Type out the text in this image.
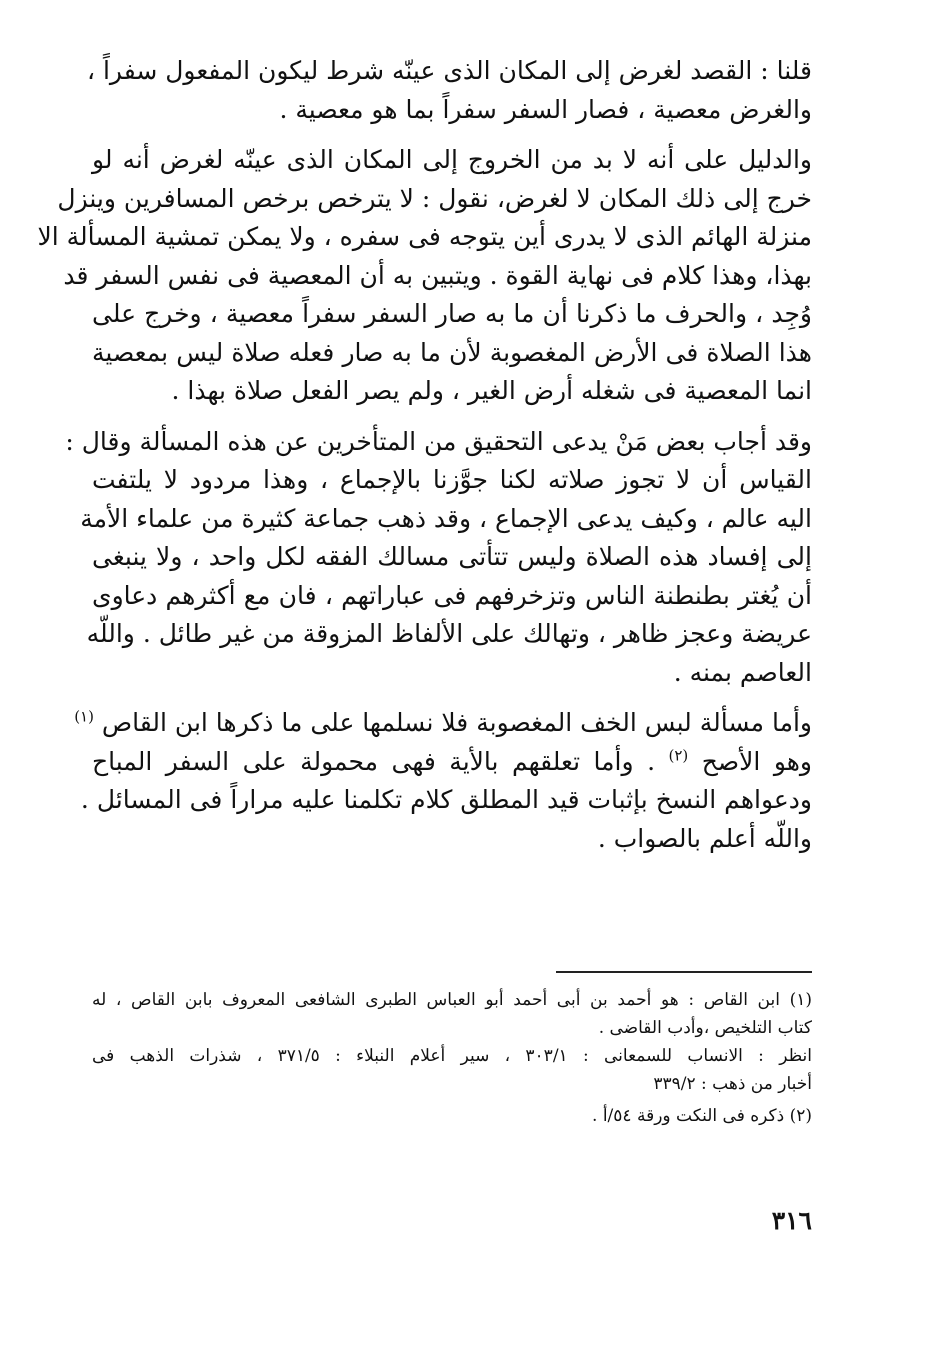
قلنا : القصد لغرض إلى المكان الذى عينّه شرط ليكون المفعول سفراً ،
والغرض معصية ، فصار السفر سفراً بما هو معصية .

والدليل على أنه لا بد من الخروج إلى المكان الذى عينّه لغرض أنه لو
خرج إلى ذلك المكان لا لغرض، نقول : لا يترخص برخص المسافرين وينزل
منزلة الهائم الذى لا يدرى أين يتوجه فى سفره ، ولا يمكن تمشية المسألة الا
بهذا، وهذا كلام فى نهاية القوة . ويتبين به أن المعصية فى نفس السفر قد
وُجِد ، والحرف ما ذكرنا أن ما به صار السفر سفراً معصية ، وخرج على
هذا الصلاة فى الأرض المغصوبة لأن ما به صار فعله صلاة ليس بمعصية
انما المعصية فى شغله أرض الغير ، ولم يصر الفعل صلاة بهذا .

وقد أجاب بعض مَنْ يدعى التحقيق من المتأخرين عن هذه المسألة وقال :
القياس أن لا تجوز صلاته لكنا جوَّزنا بالإجماع ، وهذا مردود لا يلتفت
اليه عالم ، وكيف يدعى الإجماع ، وقد ذهب جماعة كثيرة من علماء الأمة
إلى إفساد هذه الصلاة وليس تتأتى مسالك الفقه لكل واحد ، ولا ينبغى
أن يُغتر بطنطنة الناس وتزخرفهم فى عباراتهم ، فان مع أكثرهم دعاوى
عريضة وعجز ظاهر ، وتهالك على الألفاظ المزوقة من غير طائل . واللّه
العاصم بمنه .

وأما مسألة لبس الخف المغصوبة فلا نسلمها على ما ذكرها ابن القاص $^{(١)}$
وهو الأصح $^{(٢)}$ . وأما تعلقهم بالأية فهى محمولة على السفر المباح
ودعواهم النسخ بإثبات قيد المطلق كلام تكلمنا عليه مراراً فى المسائل .
واللّه أعلم بالصواب .

(١) ابن القاص : هو أحمد بن أبى أحمد أبو العباس الطبرى الشافعى المعروف بابن القاص ، له
كتاب التلخيص ،وأدب القاضى .
انظر : الانساب للسمعانى : ٣٠٣/١ ، سير أعلام النبلاء : ٣٧١/٥ ، شذرات الذهب فى
أخبار من ذهب : ٣٣٩/٢
(٢) ذكره فى النكت ورقة ٥٤/أ .
٣١٦
